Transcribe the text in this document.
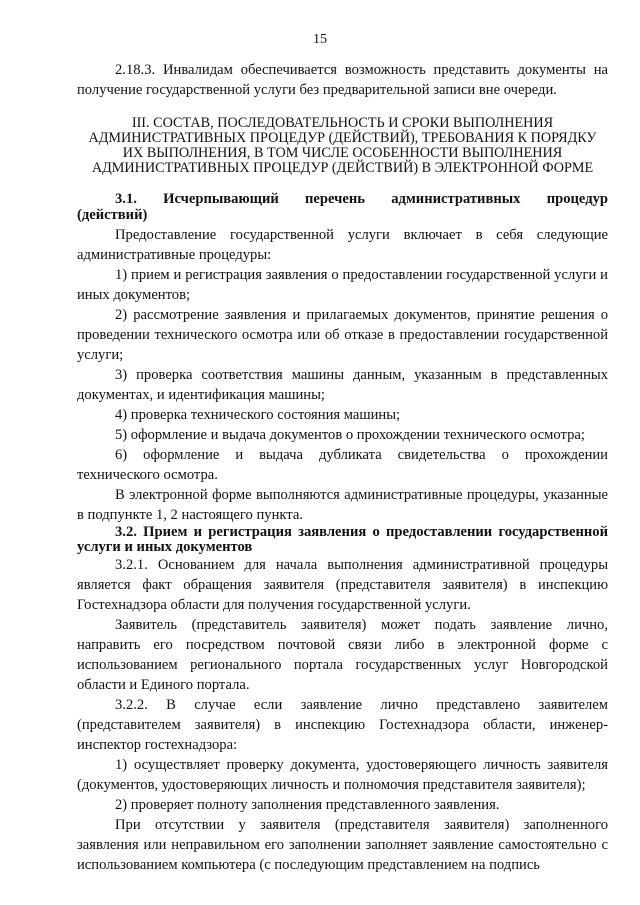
15

2.18.3. Инвалидам обеспечивается возможность представить документы на получение государственной услуги без предварительной записи вне очереди.

III. СОСТАВ, ПОСЛЕДОВАТЕЛЬНОСТЬ И СРОКИ ВЫПОЛНЕНИЯ АДМИНИСТРАТИВНЫХ ПРОЦЕДУР (ДЕЙСТВИЙ), ТРЕБОВАНИЯ К ПОРЯДКУ ИХ ВЫПОЛНЕНИЯ, В ТОМ ЧИСЛЕ ОСОБЕННОСТИ ВЫПОЛНЕНИЯ АДМИНИСТРАТИВНЫХ ПРОЦЕДУР (ДЕЙСТВИЙ) В ЭЛЕКТРОННОЙ ФОРМЕ

3.1. Исчерпывающий перечень административных процедур
(действий)

Предоставление государственной услуги включает в себя следующие административные процедуры:

1) прием и регистрация заявления о предоставлении государственной услуги и иных документов;

2) рассмотрение заявления и прилагаемых документов, принятие решения о проведении технического осмотра или об отказе в предоставлении государственной услуги;

3) проверка соответствия машины данным, указанным в представленных документах, и идентификация машины;

4) проверка технического состояния машины;

5) оформление и выдача документов о прохождении технического осмотра;

6) оформление и выдача дубликата свидетельства о прохождении технического осмотра.

В электронной форме выполняются административные процедуры, указанные в подпункте 1, 2 настоящего пункта.

3.2. Прием и регистрация заявления о предоставлении государственной услуги и иных документов

3.2.1. Основанием для начала выполнения административной процедуры является факт обращения заявителя (представителя заявителя) в инспекцию Гостехнадзора области для получения государственной услуги.

Заявитель (представитель заявителя) может подать заявление лично, направить его посредством почтовой связи либо в электронной форме с использованием регионального портала государственных услуг Новгородской области и Единого портала.

3.2.2. В случае если заявление лично представлено заявителем (представителем заявителя) в инспекцию Гостехнадзора области, инженер-инспектор гостехнадзора:

1) осуществляет проверку документа, удостоверяющего личность заявителя (документов, удостоверяющих личность и полномочия представителя заявителя);

2) проверяет полноту заполнения представленного заявления.

При отсутствии у заявителя (представителя заявителя) заполненного заявления или неправильном его заполнении заполняет заявление самостоятельно с использованием компьютера (с последующим представлением на подпись
